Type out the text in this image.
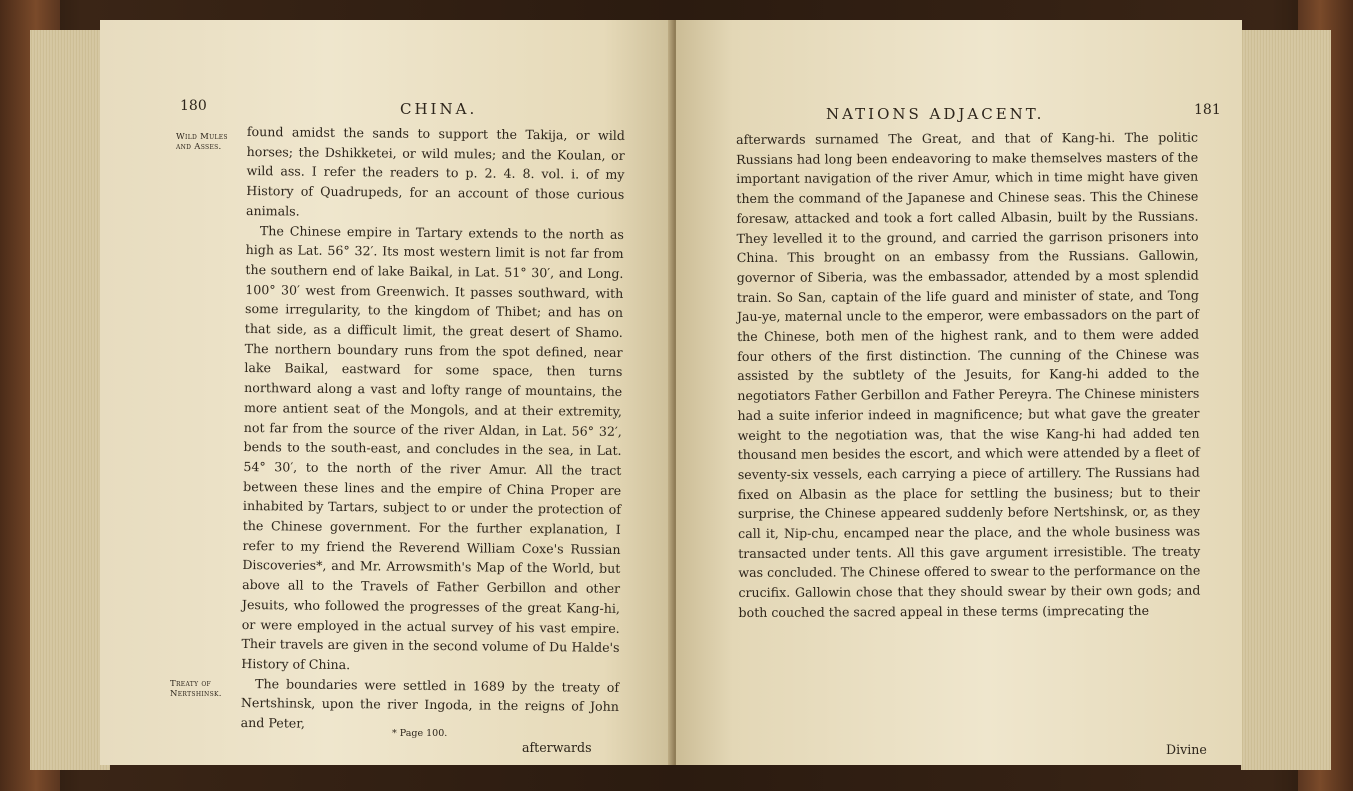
180	CHINA.
Wild Mules and Asses.
Treaty of Nertshinsk.

found amidst the sands to support the Takija, or wild horses; the Dshikketei, or wild mules; and the Koulan, or wild ass. I refer the readers to p. 2. 4. 8. vol. i. of my History of Quadrupeds, for an account of those curious animals.

The Chinese empire in Tartary extends to the north as high as Lat. 56° 32′. Its most western limit is not far from the southern end of lake Baikal, in Lat. 51° 30′, and Long. 100° 30′ west from Greenwich. It passes southward, with some irregularity, to the kingdom of Thibet; and has on that side, as a difficult limit, the great desert of Shamo. The northern boundary runs from the spot defined, near lake Baikal, eastward for some space, then turns northward along a vast and lofty range of mountains, the more antient seat of the Mongols, and at their extremity, not far from the source of the river Aldan, in Lat. 56° 32′, bends to the south-east, and concludes in the sea, in Lat. 54° 30′, to the north of the river Amur. All the tract between these lines and the empire of China Proper are inhabited by Tartars, subject to or under the protection of the Chinese government. For the further explanation, I refer to my friend the Reverend William Coxe's Russian Discoveries*, and Mr. Arrowsmith's Map of the World, but above all to the Travels of Father Gerbillon and other Jesuits, who followed the progresses of the great Kang-hi, or were employed in the actual survey of his vast empire. Their travels are given in the second volume of Du Halde's History of China.

The boundaries were settled in 1689 by the treaty of Nertshinsk, upon the river Ingoda, in the reigns of John and Peter,

* Page 100.
afterwards
NATIONS ADJACENT.	181

afterwards surnamed The Great, and that of Kang-hi. The politic Russians had long been endeavoring to make themselves masters of the important navigation of the river Amur, which in time might have given them the command of the Japanese and Chinese seas. This the Chinese foresaw, attacked and took a fort called Albasin, built by the Russians. They levelled it to the ground, and carried the garrison prisoners into China. This brought on an embassy from the Russians. Gallowin, governor of Siberia, was the embassador, attended by a most splendid train. So San, captain of the life guard and minister of state, and Tong Jau-ye, maternal uncle to the emperor, were embassadors on the part of the Chinese, both men of the highest rank, and to them were added four others of the first distinction. The cunning of the Chinese was assisted by the subtlety of the Jesuits, for Kang-hi added to the negotiators Father Gerbillon and Father Pereyra. The Chinese ministers had a suite inferior indeed in magnificence; but what gave the greater weight to the negotiation was, that the wise Kang-hi had added ten thousand men besides the escort, and which were attended by a fleet of seventy-six vessels, each carrying a piece of artillery. The Russians had fixed on Albasin as the place for settling the business; but to their surprise, the Chinese appeared suddenly before Nertshinsk, or, as they call it, Nip-chu, encamped near the place, and the whole business was transacted under tents. All this gave argument irresistible. The treaty was concluded. The Chinese offered to swear to the performance on the crucifix. Gallowin chose that they should swear by their own gods; and both couched the sacred appeal in these terms (imprecating the

Divine
